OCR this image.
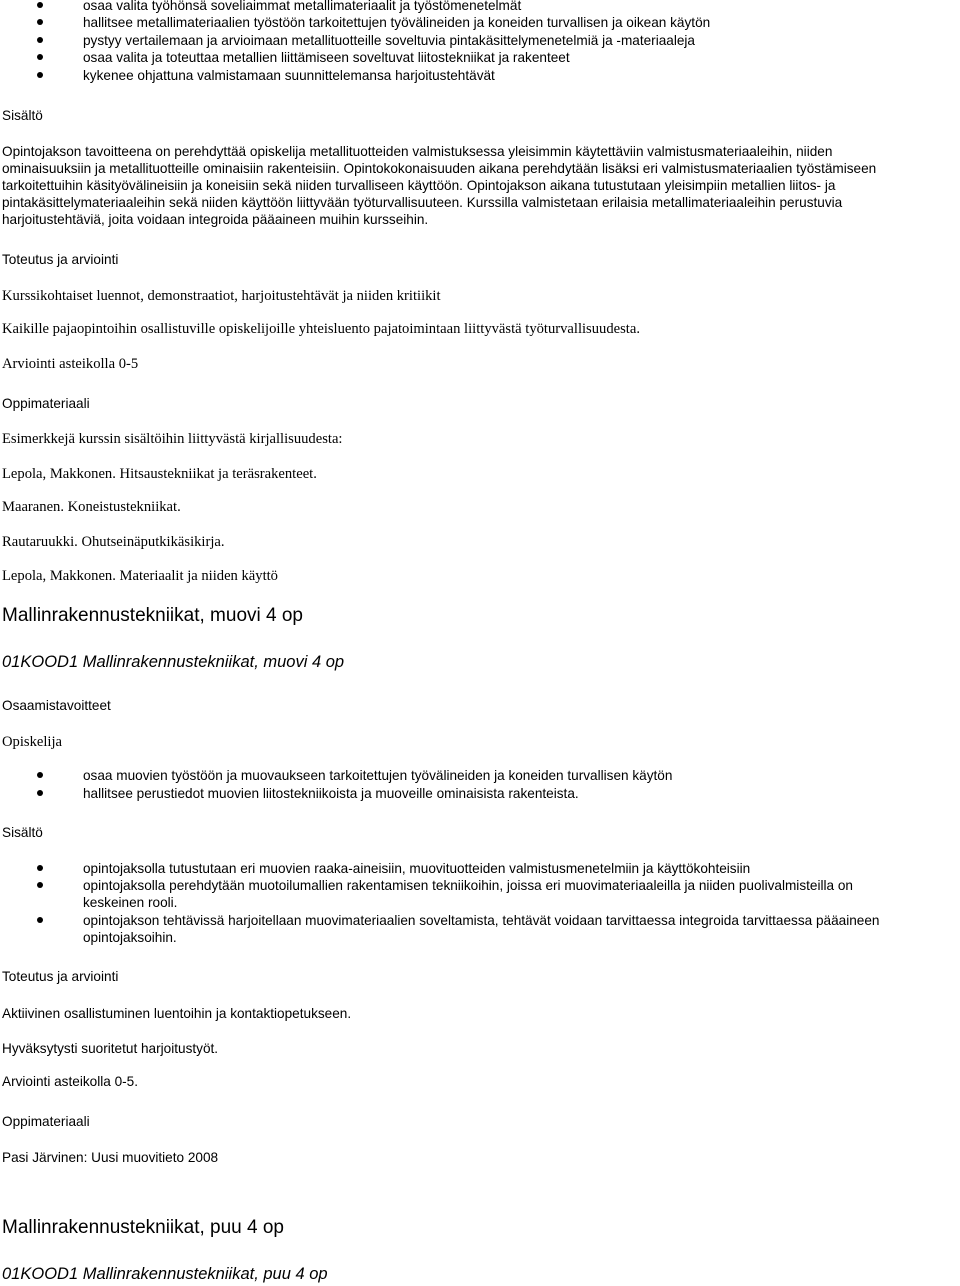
osaa valita työhönsä soveliaimmat metallimateriaalit ja työstömenetelmät
hallitsee metallimateriaalien työstöön tarkoitettujen työvälineiden ja koneiden turvallisen ja oikean käytön
pystyy vertailemaan ja arvioimaan metallituotteille soveltuvia pintakäsittelymenetelmiä ja -materiaaleja
osaa valita ja toteuttaa metallien liittämiseen soveltuvat liitostekniikat ja rakenteet
kykenee ohjattuna valmistamaan suunnittelemansa harjoitustehtävät
Sisältö
Opintojakson tavoitteena on perehdyttää opiskelija metallituotteiden valmistuksessa yleisimmin käytettäviin valmistusmateriaaleihin, niiden
ominaisuuksiin ja metallituotteille ominaisiin rakenteisiin. Opintokokonaisuuden aikana perehdytään lisäksi eri valmistusmateriaalien työstämiseen
tarkoitettuihin käsityövälineisiin ja koneisiin sekä niiden turvalliseen käyttöön. Opintojakson aikana tutustutaan yleisimpiin metallien liitos- ja
pintakäsittelymateriaaleihin sekä niiden käyttöön liittyvään työturvallisuuteen. Kurssilla valmistetaan erilaisia metallimateriaaleihin perustuvia
harjoitustehtäviä, joita voidaan integroida pääaineen muihin kursseihin.
Toteutus ja arviointi
Kurssikohtaiset luennot, demonstraatiot, harjoitustehtävät ja niiden kritiikit
Kaikille pajaopintoihin osallistuville opiskelijoille yhteisluento pajatoimintaan liittyvästä työturvallisuudesta.
Arviointi asteikolla 0-5
Oppimateriaali
Esimerkkejä kurssin sisältöihin liittyvästä kirjallisuudesta:
Lepola, Makkonen. Hitsaustekniikat ja teräsrakenteet.
Maaranen. Koneistustekniikat.
Rautaruukki. Ohutseinäputkikäsikirja.
Lepola, Makkonen. Materiaalit ja niiden käyttö
Mallinrakennustekniikat, muovi 4 op
01KOOD1 Mallinrakennustekniikat, muovi 4 op
Osaamistavoitteet
Opiskelija
osaa muovien työstöön ja muovaukseen tarkoitettujen työvälineiden ja koneiden turvallisen käytön
hallitsee perustiedot muovien liitostekniikoista ja muoveille ominaisista rakenteista.
Sisältö
opintojaksolla tutustutaan eri muovien raaka-aineisiin, muovituotteiden valmistusmenetelmiin ja käyttökohteisiin
opintojaksolla perehdytään muotoilumallien rakentamisen tekniikoihin, joissa eri muovimateriaaleilla ja niiden puolivalmisteilla on
keskeinen rooli.
opintojakson tehtävissä harjoitellaan muovimateriaalien soveltamista, tehtävät voidaan tarvittaessa integroida tarvittaessa pääaineen
opintojaksoihin.
Toteutus ja arviointi
Aktiivinen osallistuminen luentoihin ja kontaktiopetukseen.
Hyväksytysti suoritetut harjoitustyöt.
Arviointi asteikolla 0-5.
Oppimateriaali
Pasi Järvinen: Uusi muovitieto 2008
Mallinrakennustekniikat, puu 4 op
01KOOD1 Mallinrakennustekniikat, puu 4 op
